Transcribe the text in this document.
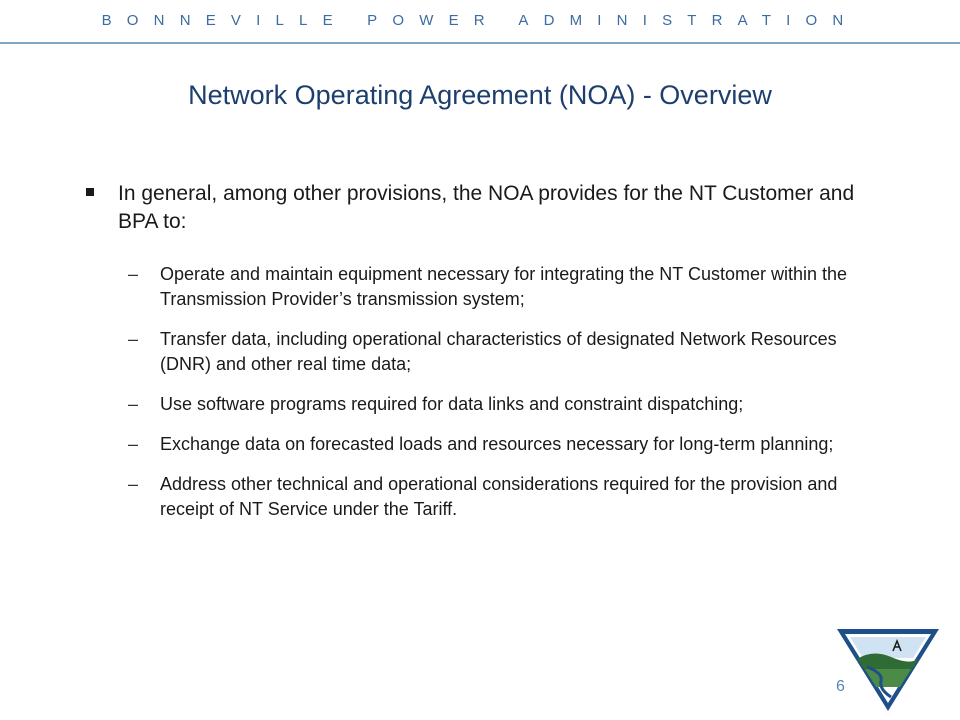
BONNEVILLE POWER ADMINISTRATION
Network Operating Agreement (NOA) - Overview
In general, among other provisions, the NOA provides for the NT Customer and BPA to:
– Operate and maintain equipment necessary for integrating the NT Customer within the Transmission Provider’s transmission system;
– Transfer data, including operational characteristics of designated Network Resources (DNR) and other real time data;
– Use software programs required for data links and constraint dispatching;
– Exchange data on forecasted loads and resources necessary for long-term planning;
– Address other technical and operational considerations required for the provision and receipt of NT Service under the Tariff.
6
